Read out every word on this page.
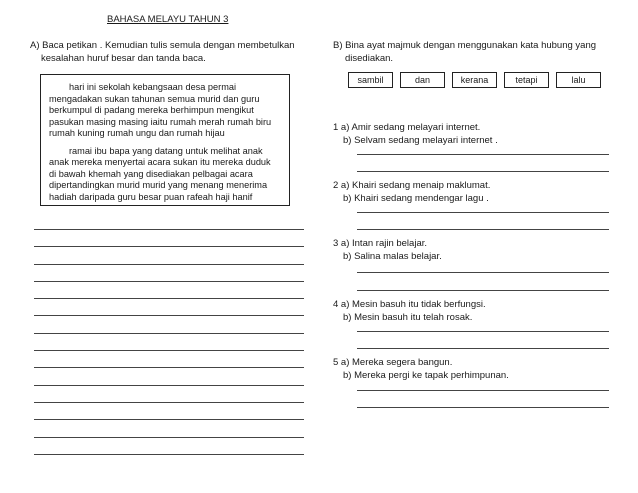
BAHASA MELAYU TAHUN 3
A) Baca petikan . Kemudian tulis semula dengan membetulkan
kesalahan huruf besar dan tanda baca.

hari ini sekolah kebangsaan desa permai
mengadakan sukan tahunan semua murid dan guru
berkumpul di padang mereka berhimpun mengikut
pasukan masing masing iaitu rumah merah rumah biru
rumah kuning rumah ungu dan rumah hijau

ramai ibu bapa yang datang untuk melihat anak
anak mereka menyertai acara sukan itu mereka duduk
di bawah khemah yang disediakan pelbagai acara
dipertandingkan murid murid yang menang menerima
hadiah daripada guru besar puan rafeah haji hanif

B) Bina ayat majmuk dengan menggunakan kata hubung yang
disediakan.
sambil	dan	kerana	tetapi	lalu
1 a) Amir sedang melayari internet.
b) Selvam sedang melayari internet .
2 a) Khairi sedang menaip maklumat.
b) Khairi sedang mendengar lagu .
3 a) Intan rajin belajar.
b) Salina malas belajar.
4 a) Mesin basuh itu tidak berfungsi.
b) Mesin basuh itu telah rosak.
5 a) Mereka segera bangun.
b) Mereka pergi ke tapak perhimpunan.
